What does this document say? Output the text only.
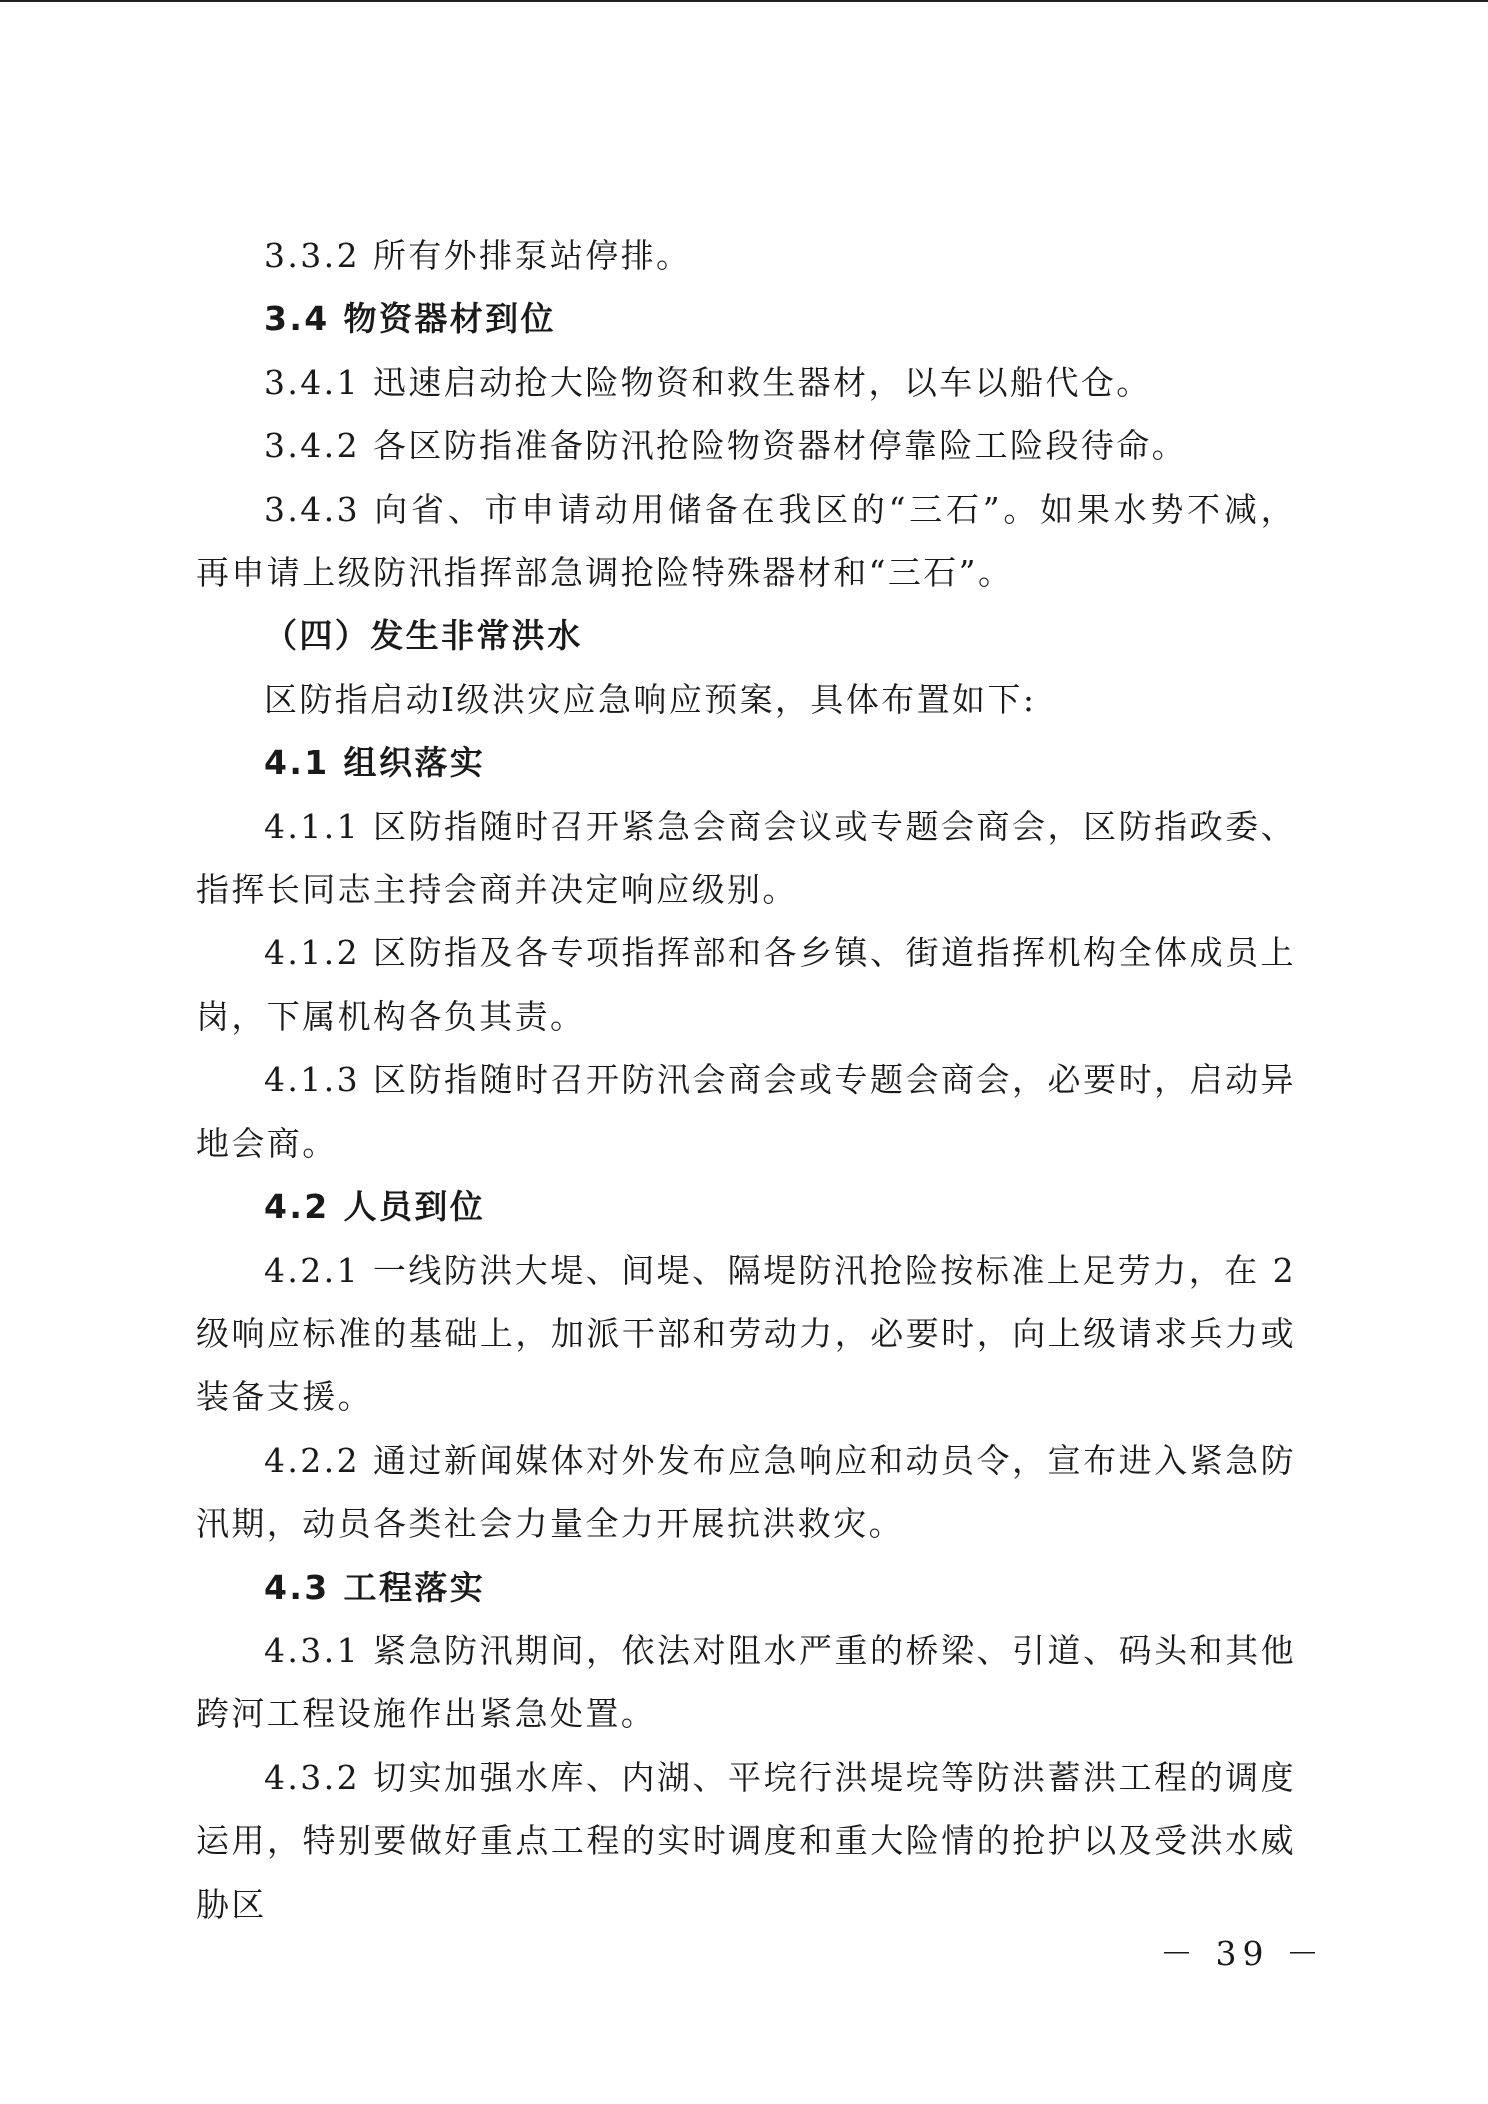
3.3.2 所有外排泵站停排。

3.4 物资器材到位

3.4.1 迅速启动抢大险物资和救生器材，以车以船代仓。

3.4.2 各区防指准备防汛抢险物资器材停靠险工险段待命。

3.4.3 向省、市申请动用储备在我区的“三石”。如果水势不减，再申请上级防汛指挥部急调抢险特殊器材和“三石”。

（四）发生非常洪水

区防指启动Ⅰ级洪灾应急响应预案，具体布置如下:

4.1 组织落实

4.1.1 区防指随时召开紧急会商会议或专题会商会，区防指政委、指挥长同志主持会商并决定响应级别。

4.1.2 区防指及各专项指挥部和各乡镇、街道指挥机构全体成员上岗，下属机构各负其责。

4.1.3 区防指随时召开防汛会商会或专题会商会，必要时，启动异地会商。

4.2 人员到位

4.2.1 一线防洪大堤、间堤、隔堤防汛抢险按标准上足劳力，在 2 级响应标准的基础上，加派干部和劳动力，必要时，向上级请求兵力或装备支援。

4.2.2 通过新闻媒体对外发布应急响应和动员令，宣布进入紧急防汛期，动员各类社会力量全力开展抗洪救灾。

4.3 工程落实

4.3.1 紧急防汛期间，依法对阻水严重的桥梁、引道、码头和其他跨河工程设施作出紧急处置。

4.3.2 切实加强水库、内湖、平垸行洪堤垸等防洪蓄洪工程的调度运用，特别要做好重点工程的实时调度和重大险情的抢护以及受洪水威胁区

－ 39 －
